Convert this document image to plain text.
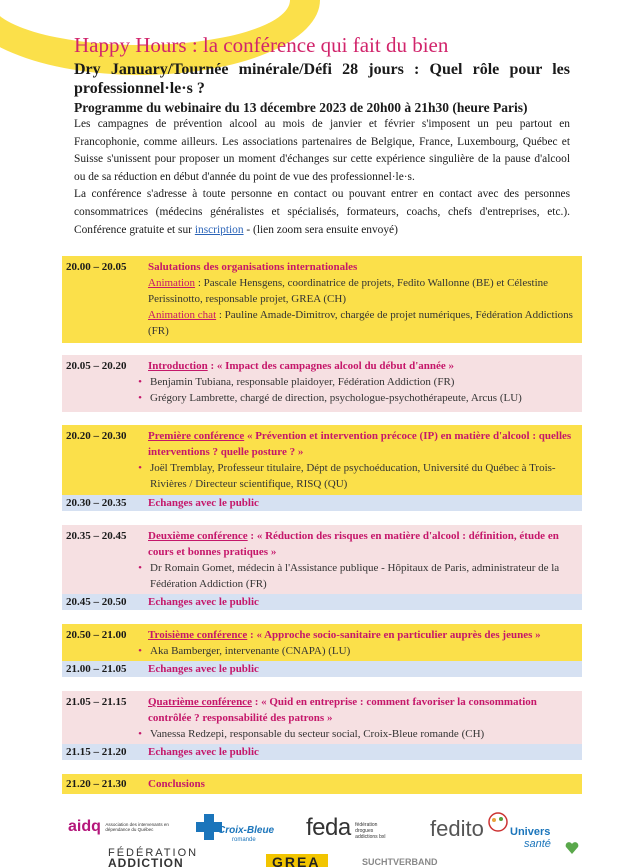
Happy Hours : la conférence qui fait du bien
Dry January/Tournée minérale/Défi 28 jours : Quel rôle pour les professionnel·le·s ?
Programme du webinaire du 13 décembre 2023 de 20h00 à 21h30 (heure Paris)
Les campagnes de prévention alcool au mois de janvier et février s'imposent un peu partout en Francophonie, comme ailleurs. Les associations partenaires de Belgique, France, Luxembourg, Québec et Suisse s'unissent pour proposer un moment d'échanges sur cette expérience singulière de la pause d'alcool ou de sa réduction en début d'année du point de vue des professionnel·le·s.
La conférence s'adresse à toute personne en contact ou pouvant entrer en contact avec des personnes consommatrices (médecins généralistes et spécialisés, formateurs, coachs, chefs d'entreprises, etc.). Conférence gratuite et sur inscription - (lien zoom sera ensuite envoyé)
20.00 – 20.05	Salutations des organisations internationales
Animation : Pascale Hensgens, coordinatrice de projets, Fedito Wallonne (BE) et Célestine Perissinotto, responsable projet, GREA (CH)
Animation chat : Pauline Amade-Dimitrov, chargée de projet numériques, Fédération Addictions (FR)
20.05 – 20.20	Introduction : « Impact des campagnes alcool du début d'année »
• Benjamin Tubiana, responsable plaidoyer, Fédération Addiction (FR)
• Grégory Lambrette, chargé de direction, psychologue-psychothérapeute, Arcus (LU)
20.20 – 20.30	Première conférence « Prévention et intervention précoce (IP) en matière d'alcool : quelles interventions ? quelle posture ? »
• Joël Tremblay, Professeur titulaire, Dépt de psychoéducation, Université du Québec à Trois-Rivières / Directeur scientifique, RISQ (QU)
20.30 – 20.35	Echanges avec le public
20.35 – 20.45	Deuxième conférence : « Réduction des risques en matière d'alcool : définition, étude en cours et bonnes pratiques »
• Dr Romain Gomet, médecin à l'Assistance publique - Hôpitaux de Paris, administrateur de la Fédération Addiction (FR)
20.45 – 20.50	Echanges avec le public
20.50 – 21.00	Troisième conférence : « Approche socio-sanitaire en particulier auprès des jeunes »
• Aka Bamberger, intervenante (CNAPA) (LU)
21.00 – 21.05	Echanges avec le public
21.05 – 21.15	Quatrième conférence : « Quid en entreprise : comment favoriser la consommation contrôlée ? responsabilité des patrons »
• Vanessa Redzepi, responsable du secteur social, Croix-Bleue romande (CH)
21.15 – 21.20	Echanges avec le public
21.20 – 21.30	Conclusions
aidq Association des intervenants en dépendance du Québec	Croix-Bleue
romande feda fédération drogues addictions bxl fedito Univers
santé
FÉDÉRATION
ADDICTION	GREA	SUCHTVERBAND
